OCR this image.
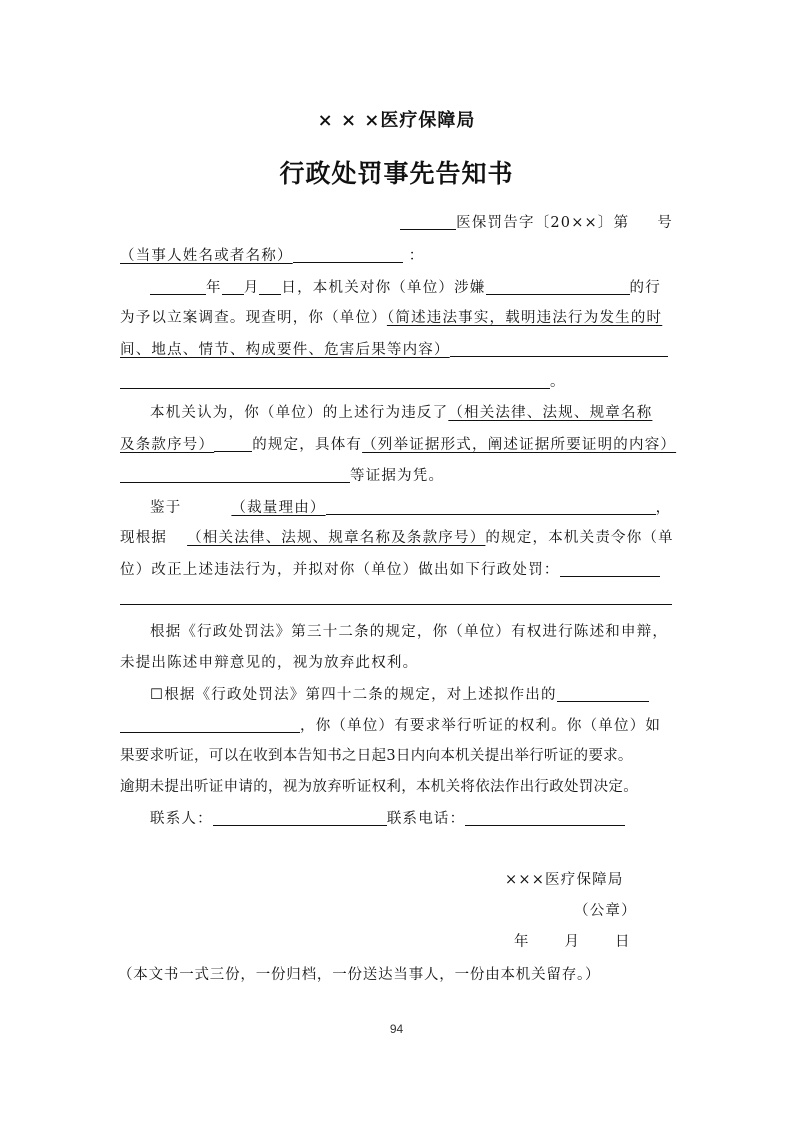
× × ×医疗保障局
行政处罚事先告知书
医保罚告字〔20××〕第 号
（当事人姓名或者名称）	：
年 月 日，本机关对你（单位）涉嫌	的行
为予以立案调查。现查明，你（单位）（简述违法事实，载明违法行为发生的时
间、地点、情节、构成要件、危害后果等内容）
。
本机关认为，你（单位）的上述行为违反了（相关法律、法规、规章名称
及条款序号）	的规定，具体有（列举证据形式，阐述证据所要证明的内容）
等证据为凭。
鉴于	（裁量理由）	，
现根据 （相关法律、法规、规章名称及条款序号）的规定，本机关责令你（单
位）改正上述违法行为，并拟对你（单位）做出如下行政处罚：
根据《行政处罚法》第三十二条的规定，你（单位）有权进行陈述和申辩，
未提出陈述申辩意见的，视为放弃此权利。
☐根据《行政处罚法》第四十二条的规定，对上述拟作出的
，你（单位）有要求举行听证的权利。你（单位）如
果要求听证，可以在收到本告知书之日起3日内向本机关提出举行听证的要求。
逾期未提出听证申请的，视为放弃听证权利，本机关将依法作出行政处罚决定。
联系人：	联系电话：
×××医疗保障局
（公章）
年 月 日
（本文书一式三份，一份归档，一份送达当事人，一份由本机关留存。）
94
